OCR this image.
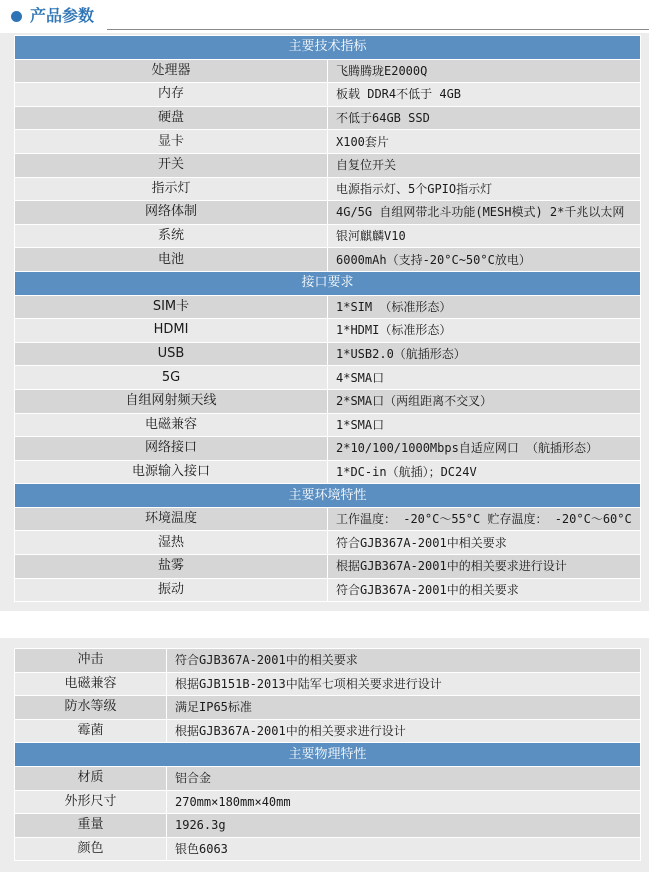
产品参数
主要技术指标	
处理器	飞腾腾珑E2000Q
内存	板载 DDR4不低于 4GB
硬盘	不低于64GB SSD
显卡	X100套片
开关	自复位开关
指示灯	电源指示灯、5个GPIO指示灯
网络体制	4G/5G 自组网带北斗功能(MESH模式) 2*千兆以太网
系统	银河麒麟V10
电池	6000mAh（支持-20°C~50°C放电）
接口要求	
SIM卡	1*SIM （标准形态）
HDMI	1*HDMI（标准形态）
USB	1*USB2.0（航插形态）
5G	4*SMA口
自组网射频天线	2*SMA口（两组距离不交叉）
电磁兼容	1*SMA口
网络接口	2*10/100/1000Mbps自适应网口 （航插形态）
电源输入接口	1*DC-in（航插）；DC24V
主要环境特性	
环境温度	工作温度： -20°C～55°C 贮存温度： -20°C～60°C
湿热	符合GJB367A-2001中相关要求
盐雾	根据GJB367A-2001中的相关要求进行设计
振动	符合GJB367A-2001中的相关要求
冲击	符合GJB367A-2001中的相关要求
电磁兼容	根据GJB151B-2013中陆军七项相关要求进行设计
防水等级	满足IP65标准
霉菌	根据GJB367A-2001中的相关要求进行设计
主要物理特性	
材质	铝合金
外形尺寸	270mm×180mm×40mm
重量	1926.3g
颜色	银色6063
